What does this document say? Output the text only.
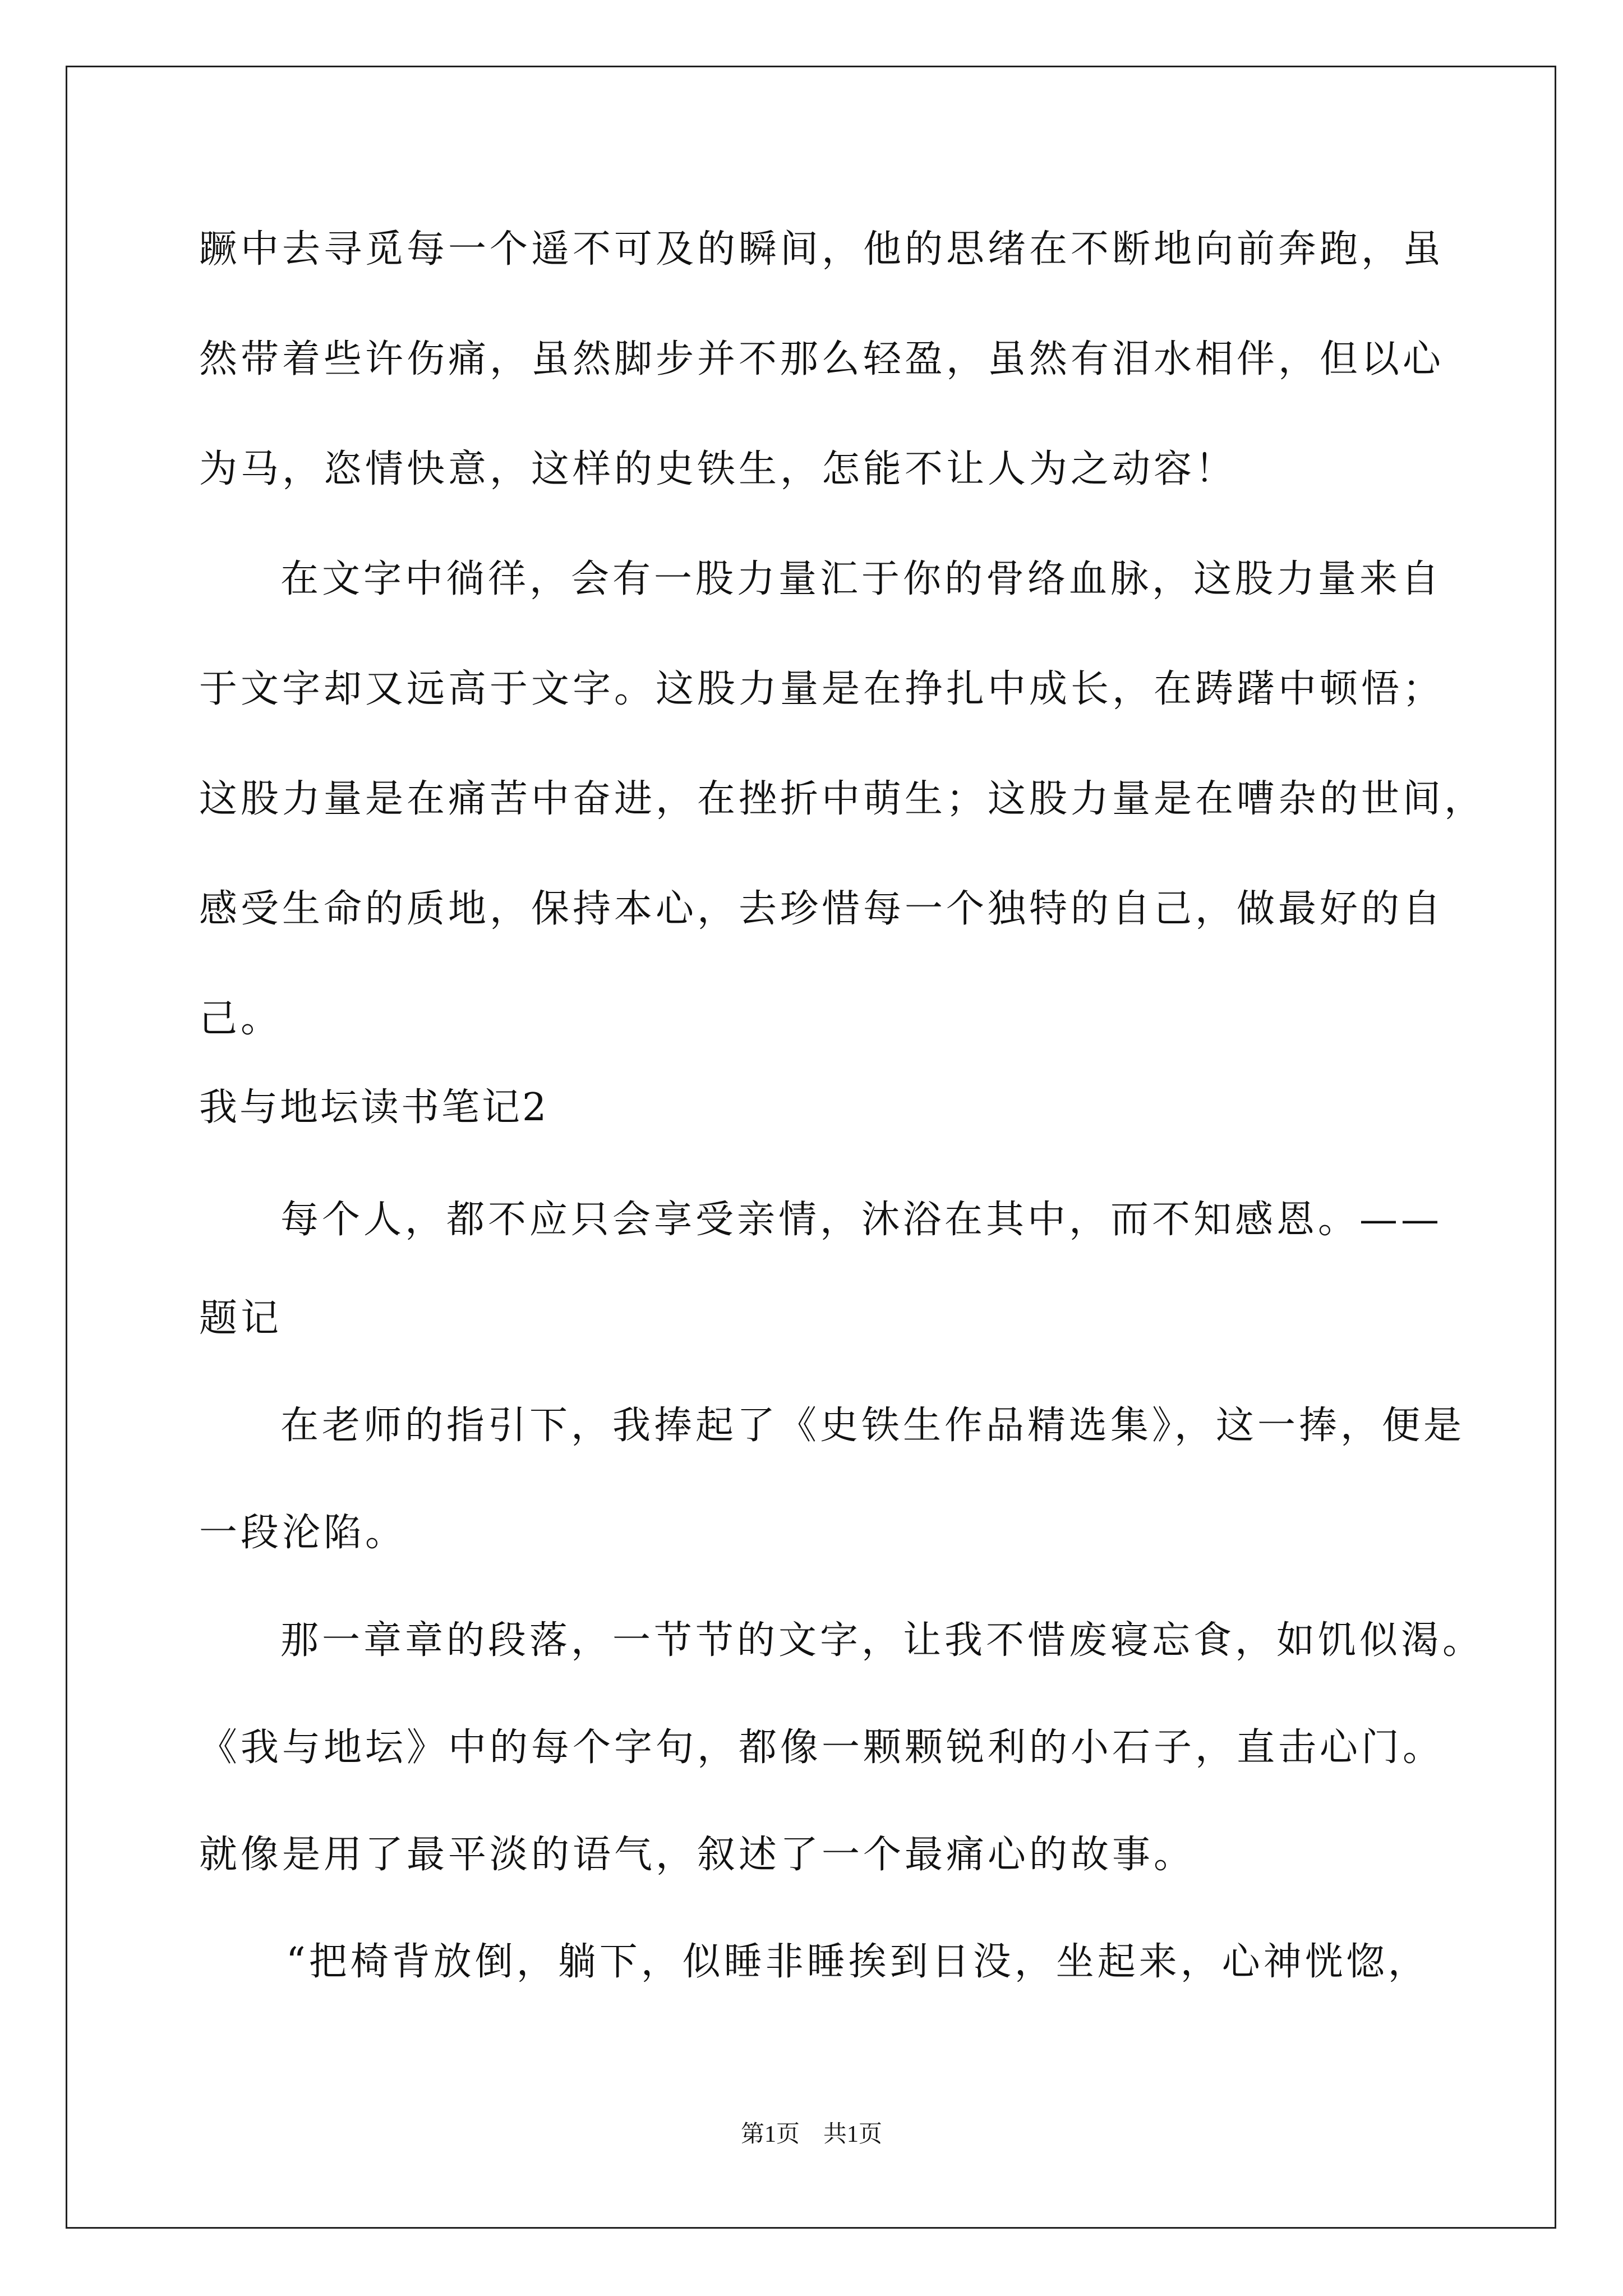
蹶中去寻觅每一个遥不可及的瞬间，他的思绪在不断地向前奔跑，虽
然带着些许伤痛，虽然脚步并不那么轻盈，虽然有泪水相伴，但以心
为马，恣情快意，这样的史铁生，怎能不让人为之动容！
在文字中徜徉，会有一股力量汇于你的骨络血脉，这股力量来自
于文字却又远高于文字。这股力量是在挣扎中成长，在踌躇中顿悟；
这股力量是在痛苦中奋进，在挫折中萌生；这股力量是在嘈杂的世间，
感受生命的质地，保持本心，去珍惜每一个独特的自己，做最好的自
己。
我与地坛读书笔记2
每个人，都不应只会享受亲情，沐浴在其中，而不知感恩。——
题记
在老师的指引下，我捧起了《史铁生作品精选集》，这一捧，便是
一段沦陷。
那一章章的段落，一节节的文字，让我不惜废寝忘食，如饥似渴。
《我与地坛》中的每个字句，都像一颗颗锐利的小石子，直击心门。
就像是用了最平淡的语气，叙述了一个最痛心的故事。
“把椅背放倒，躺下，似睡非睡挨到日没，坐起来，心神恍惚，
第1页　共1页
